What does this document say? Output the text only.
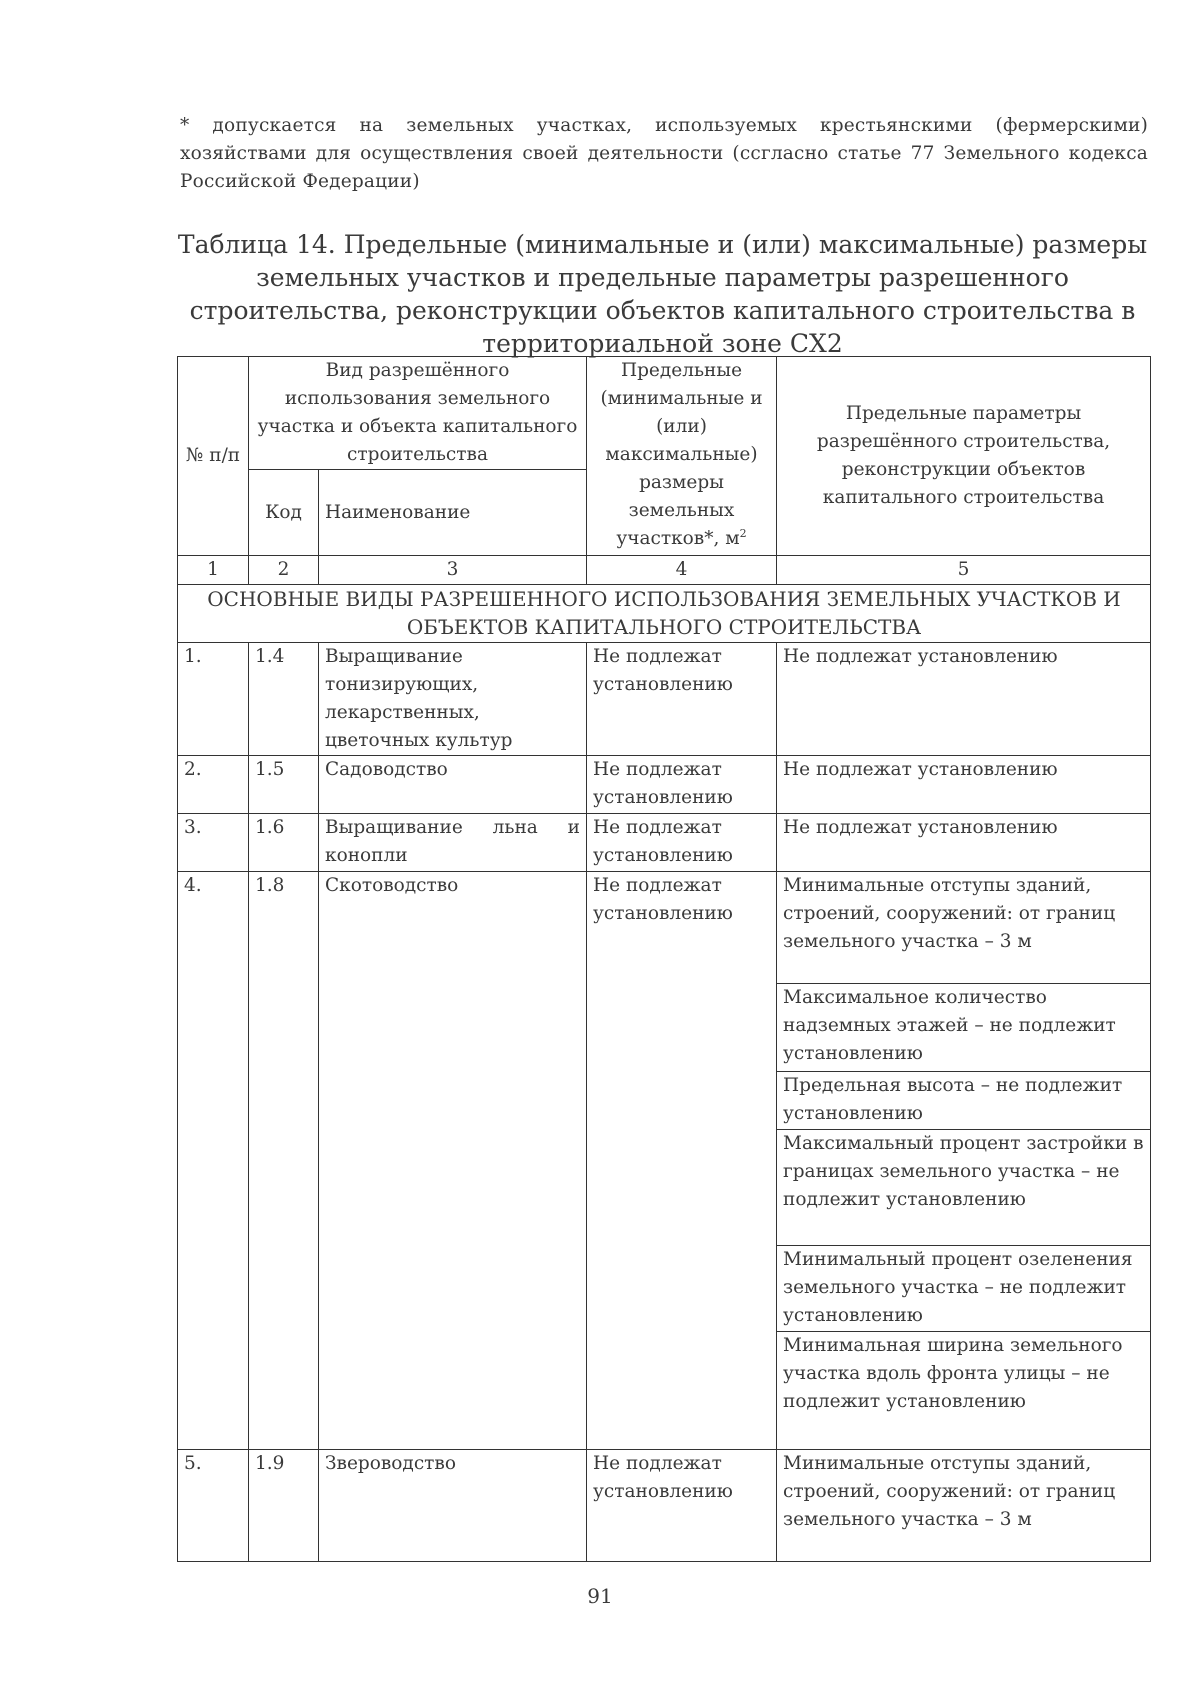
* допускается на земельных участках, используемых крестьянскими (фермерскими) хозяйствами для осуществления своей деятельности (ссгласно статье 77 Земельного кодекса Российской Федерации)
Таблица 14. Предельные (минимальные и (или) максимальные) размеры земельных участков и предельные параметры разрешенного строительства, реконструкции объектов капитального строительства в территориальной зоне СХ2
№ п/п	Вид разрешённого использования земельного участка и объекта капитального строительства		Предельные (минимальные и (или) максимальные) размеры земельных участков*, $м^2$	Предельные параметры разрешённого строительства, реконструкции объектов капитального строительства
	Код	Наименование		
1	2	3	4	5
ОСНОВНЫЕ ВИДЫ РАЗРЕШЕННОГО ИСПОЛЬЗОВАНИЯ ЗЕМЕЛЬНЫХ УЧАСТКОВ И ОБЪЕКТОВ КАПИТАЛЬНОГО СТРОИТЕЛЬСТВА				
1.	1.4	Выращивание тонизирующих, лекарственных, цветочных культур	Не подлежат установлению	Не подлежат установлению
2.	1.5	Садоводство	Не подлежат установлению	Не подлежат установлению
3.	1.6	Выращивание льна и конопли	Не подлежат установлению	Не подлежат установлению
4.	1.8	Скотоводство	Не подлежат установлению	Минимальные отступы зданий, строений, сооружений: от границ земельного участка – 3 м
				Максимальное количество надземных этажей – не подлежит установлению
				Предельная высота – не подлежит установлению
				Максимальный процент застройки в границах земельного участка – не подлежит установлению
				Минимальный процент озеленения земельного участка – не подлежит установлению
				Минимальная ширина земельного участка вдоль фронта улицы – не подлежит установлению
5.	1.9	Звероводство	Не подлежат установлению	Минимальные отступы зданий, строений, сооружений: от границ земельного участка – 3 м
91
